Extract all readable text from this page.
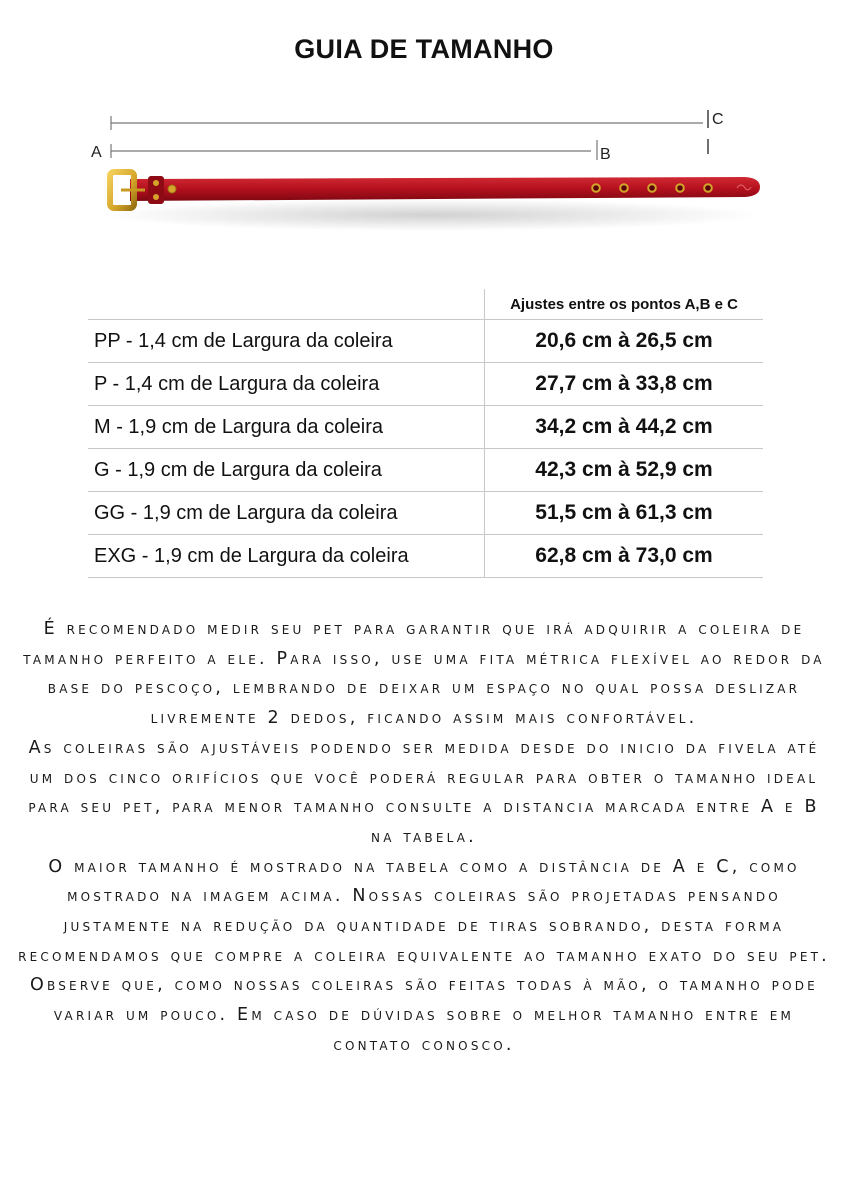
GUIA DE TAMANHO
A	B
C
	Ajustes entre os pontos A,B e C
PP - 1,4 cm de Largura da coleira	20,6 cm à 26,5 cm
P - 1,4 cm de Largura da coleira	27,7 cm à 33,8 cm
M - 1,9 cm de Largura da coleira	34,2 cm à 44,2 cm
G - 1,9 cm de Largura da coleira	42,3 cm à 52,9 cm
GG - 1,9 cm de Largura da coleira	51,5 cm à 61,3 cm
EXG - 1,9 cm de Largura da coleira	62,8 cm à 73,0 cm

É recomendado medir seu pet para garantir que irá adquirir a coleira de tamanho perfeito a ele. Para isso, use uma fita métrica flexível ao redor da base do pescoço, lembrando de deixar um espaço no qual possa deslizar livremente 2 dedos, ficando assim mais confortável.

As coleiras são ajustáveis podendo ser medida desde do inicio da fivela até um dos cinco orifícios que você poderá regular para obter o tamanho ideal para seu pet, para menor tamanho consulte a distancia marcada entre A e B na tabela.

O maior tamanho é mostrado na tabela como a distância de A e C, como mostrado na imagem acima. Nossas coleiras são projetadas pensando justamente na redução da quantidade de tiras sobrando, desta forma recomendamos que compre a coleira equivalente ao tamanho exato do seu pet.

Observe que, como nossas coleiras são feitas todas à mão, o tamanho pode variar um pouco. Em caso de dúvidas sobre o melhor tamanho entre em contato conosco.
